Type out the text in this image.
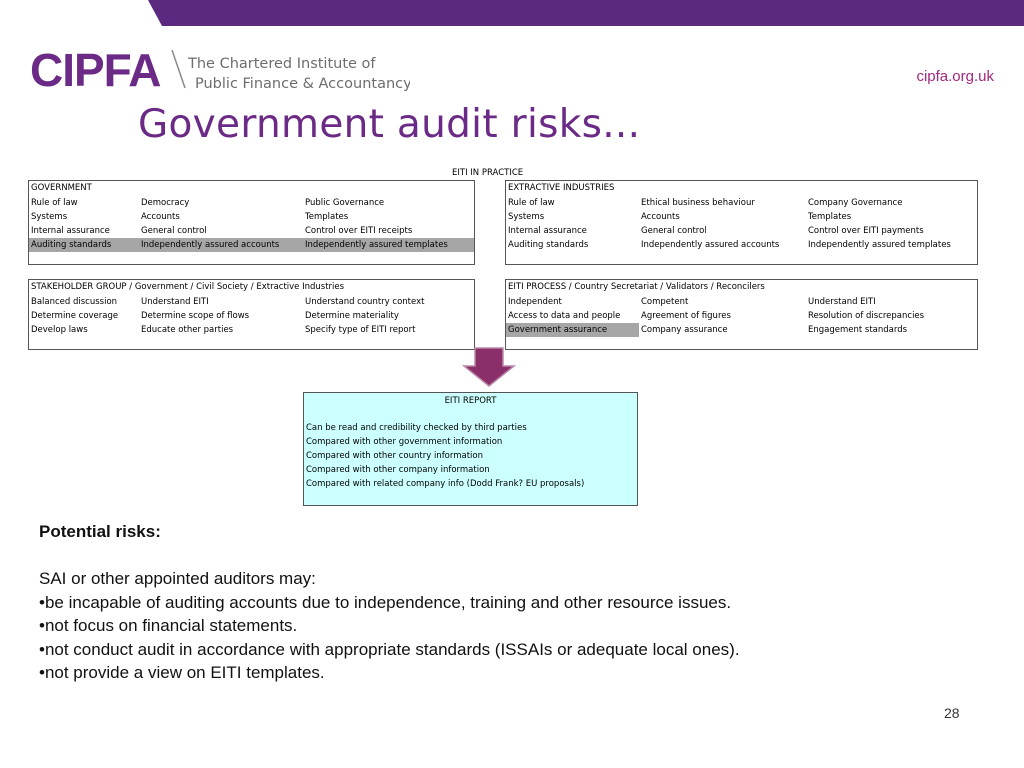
CIPFA The Chartered Institute of
Public Finance & Accountancy	cipfa.org.uk
Government audit risks...
EITI IN PRACTICE
GOVERNMENT
Rule of law	Democracy	Public Governance
Systems	Accounts	Templates
Internal assurance	General control	Control over EITI receipts
Auditing standards	Independently assured accounts	Independently assured templates
EXTRACTIVE INDUSTRIES
Rule of law	Ethical business behaviour	Company Governance
Systems	Accounts	Templates
Internal assurance	General control	Control over EITI payments
Auditing standards	Independently assured accounts	Independently assured templates
STAKEHOLDER GROUP / Government / Civil Society / Extractive Industries
Balanced discussion	Understand EITI	Understand country context
Determine coverage	Determine scope of flows	Determine materiality
Develop laws	Educate other parties	Specify type of EITI report
EITI PROCESS / Country Secretariat / Validators / Reconcilers
Independent	Competent	Understand EITI
Access to data and people	Agreement of figures	Resolution of discrepancies
Government assurance	Company assurance	Engagement standards
EITI REPORT
Can be read and credibility checked by third parties
Compared with other government information
Compared with other country information
Compared with other company information
Compared with related company info (Dodd Frank? EU proposals)
Potential risks:
SAI or other appointed auditors may:
•be incapable of auditing accounts due to independence, training and other resource issues.
•not focus on financial statements.
•not conduct audit in accordance with appropriate standards (ISSAIs or adequate local ones).
•not provide a view on EITI templates.
28
